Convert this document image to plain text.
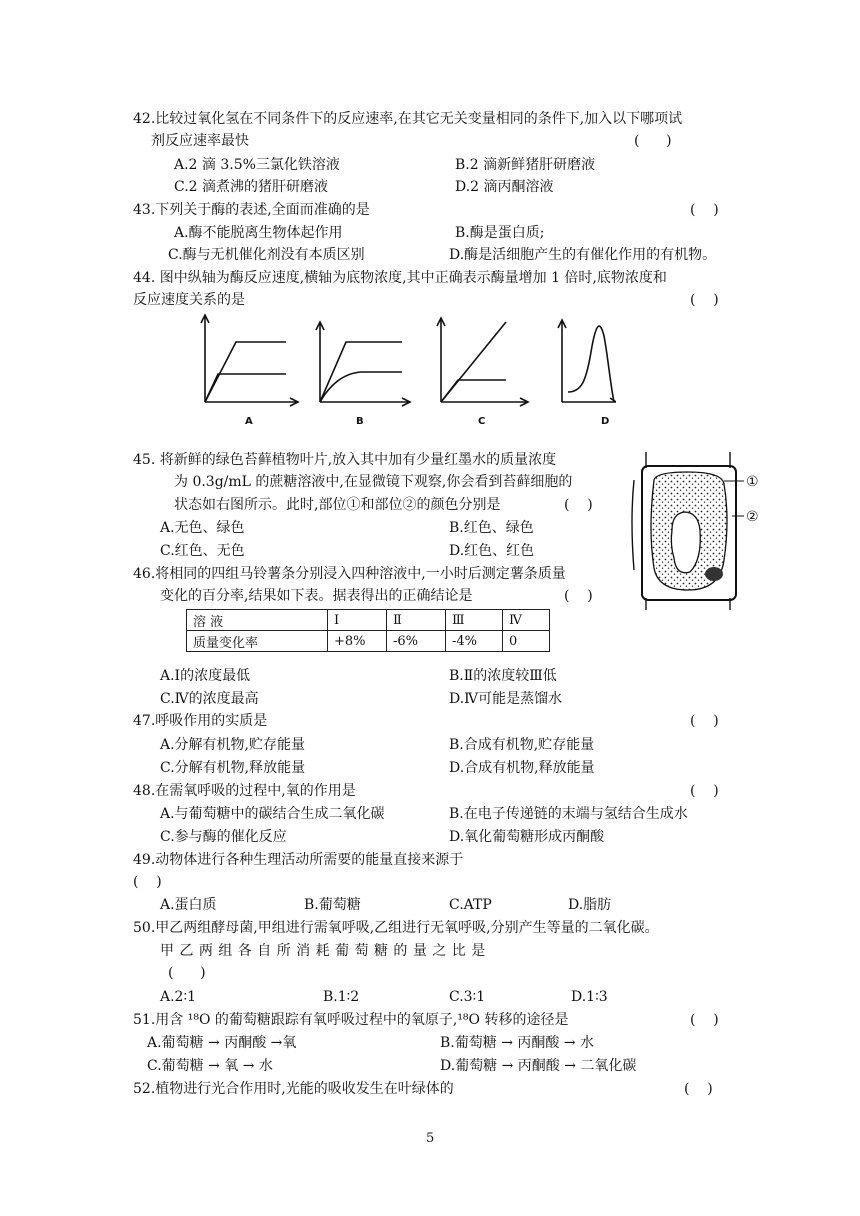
42.比较过氧化氢在不同条件下的反应速率,在其它无关变量相同的条件下,加入以下哪项试
剂反应速率最快	(      )
A.2 滴 3.5%三氯化铁溶液	B.2 滴新鲜猪肝研磨液
C.2 滴煮沸的猪肝研磨液	D.2 滴丙酮溶液
43.下列关于酶的表述,全面而准确的是	(    )
A.酶不能脱离生物体起作用	B.酶是蛋白质;
C.酶与无机催化剂没有本质区别	D.酶是活细胞产生的有催化作用的有机物。
44. 图中纵轴为酶反应速度,横轴为底物浓度,其中正确表示酶量增加 1 倍时,底物浓度和
反应速度关系的是	(    )
A	B	C	D
45. 将新鲜的绿色苔藓植物叶片,放入其中加有少量红墨水的质量浓度
为 0.3g/mL 的蔗糖溶液中,在显微镜下观察,你会看到苔藓细胞的
状态如右图所示。此时,部位①和部位②的颜色分别是	(    )
A.无色、绿色	B.红色、绿色
C.红色、无色	D.红色、红色
①
②
46.将相同的四组马铃薯条分别浸入四种溶液中,一小时后测定薯条质量
变化的百分率,结果如下表。据表得出的正确结论是	(    )
溶 液	Ⅰ	Ⅱ	Ⅲ	Ⅳ
质量变化率	+8%	-6%	-4%	0
A.Ⅰ的浓度最低	B.Ⅱ的浓度较Ⅲ低
C.Ⅳ的浓度最高	D.Ⅳ可能是蒸馏水
47.呼吸作用的实质是	(    )
A.分解有机物,贮存能量	B.合成有机物,贮存能量
C.分解有机物,释放能量	D.合成有机物,释放能量
48.在需氧呼吸的过程中,氧的作用是	(    )
A.与葡萄糖中的碳结合生成二氧化碳	B.在电子传递链的末端与氢结合生成水
C.参与酶的催化反应	D.氧化葡萄糖形成丙酮酸
49.动物体进行各种生理活动所需要的能量直接来源于
(    )
A.蛋白质	B.葡萄糖	C.ATP	D.脂肪
50.甲乙两组酵母菌,甲组进行需氧呼吸,乙组进行无氧呼吸,分别产生等量的二氧化碳。
甲 乙 两 组 各 自 所 消 耗 葡 萄 糖 的 量 之 比 是
(      )
A.2∶1	B.1∶2	C.3∶1	D.1∶3
51.用含 ¹⁸O 的葡萄糖跟踪有氧呼吸过程中的氧原子,¹⁸O 转移的途径是	(    )
A.葡萄糖 → 丙酮酸 →氧	B.葡萄糖 → 丙酮酸 → 水
C.葡萄糖 → 氧 → 水	D.葡萄糖 → 丙酮酸 → 二氧化碳
52.植物进行光合作用时,光能的吸收发生在叶绿体的	(    )
5
